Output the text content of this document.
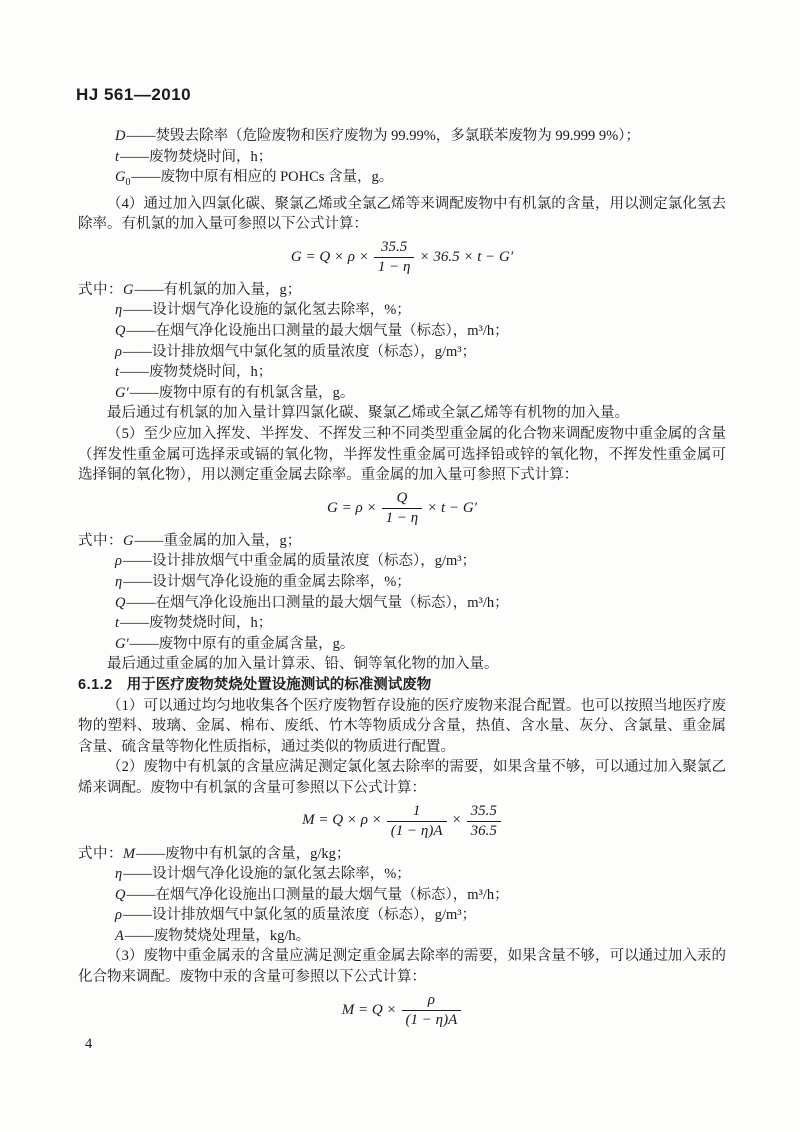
HJ 561—2010
D——焚毁去除率（危险废物和医疗废物为 99.99%，多氯联苯废物为 99.999 9%）；
t——废物焚烧时间，h；
$G_0——$废物中原有相应的 POHCs 含量，g。

（4）通过加入四氯化碳、聚氯乙烯或全氯乙烯等来调配废物中有机氯的含量，用以测定氯化氢去除率。有机氯的加入量可参照以下公式计算：

$G = Q \times \rho \times \frac{35.5}{1 - \eta} \times 36.5 \times t - G'$
式中：G——有机氯的加入量，g；
η——设计烟气净化设施的氯化氢去除率，%；
Q——在烟气净化设施出口测量的最大烟气量（标态），m³/h；
ρ——设计排放烟气中氯化氢的质量浓度（标态），g/m³；
t——废物焚烧时间，h；
G′——废物中原有的有机氯含量，g。

最后通过有机氯的加入量计算四氯化碳、聚氯乙烯或全氯乙烯等有机物的加入量。

（5）至少应加入挥发、半挥发、不挥发三种不同类型重金属的化合物来调配废物中重金属的含量（挥发性重金属可选择汞或镉的氧化物，半挥发性重金属可选择铅或锌的氧化物，不挥发性重金属可选择铜的氧化物），用以测定重金属去除率。重金属的加入量可参照下式计算：

$G = \rho \times \frac{Q}{1 - \eta} \times t - G'$
式中：G——重金属的加入量，g；
ρ——设计排放烟气中重金属的质量浓度（标态），g/m³；
η——设计烟气净化设施的重金属去除率，%；
Q——在烟气净化设施出口测量的最大烟气量（标态），m³/h；
t——废物焚烧时间，h；
G′——废物中原有的重金属含量，g。

最后通过重金属的加入量计算汞、铅、铜等氧化物的加入量。

6.1.2 用于医疗废物焚烧处置设施测试的标准测试废物

（1）可以通过均匀地收集各个医疗废物暂存设施的医疗废物来混合配置。也可以按照当地医疗废物的塑料、玻璃、金属、棉布、废纸、竹木等物质成分含量，热值、含水量、灰分、含氯量、重金属含量、硫含量等物化性质指标，通过类似的物质进行配置。

（2）废物中有机氯的含量应满足测定氯化氢去除率的需要，如果含量不够，可以通过加入聚氯乙烯来调配。废物中有机氯的含量可参照以下公式计算：

$M = Q \times \rho \times \frac{1}{(1 - \eta)A} \times \frac{35.5}{36.5}$
式中：M——废物中有机氯的含量，g/kg；
η——设计烟气净化设施的氯化氢去除率，%；
Q——在烟气净化设施出口测量的最大烟气量（标态），m³/h；
ρ——设计排放烟气中氯化氢的质量浓度（标态），g/m³；
A——废物焚烧处理量，kg/h。

（3）废物中重金属汞的含量应满足测定重金属去除率的需要，如果含量不够，可以通过加入汞的化合物来调配。废物中汞的含量可参照以下公式计算：

$M = Q \times \frac{\rho}{(1 - \eta)A}$
4
